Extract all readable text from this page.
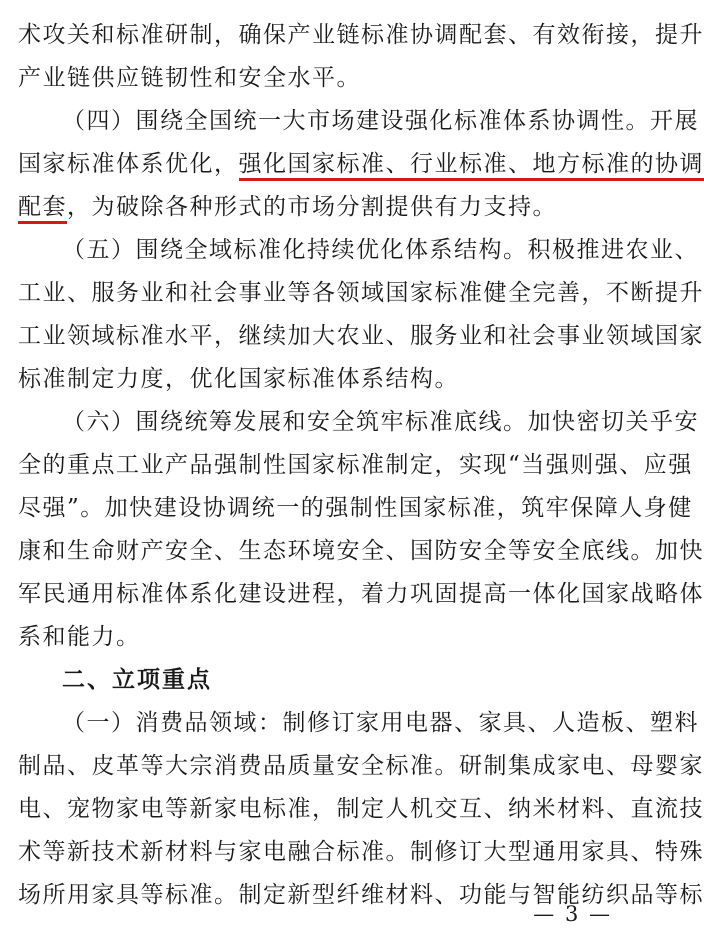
术攻关和标准研制，确保产业链标准协调配套、有效衔接，提升
产业链供应链韧性和安全水平。
（四）围绕全国统一大市场建设强化标准体系协调性。开展
国家标准体系优化，强化国家标准、行业标准、地方标准的协调
配套，为破除各种形式的市场分割提供有力支持。
（五）围绕全域标准化持续优化体系结构。积极推进农业、
工业、服务业和社会事业等各领域国家标准健全完善，不断提升
工业领域标准水平，继续加大农业、服务业和社会事业领域国家
标准制定力度，优化国家标准体系结构。
（六）围绕统筹发展和安全筑牢标准底线。加快密切关乎安
全的重点工业产品强制性国家标准制定，实现“当强则强、应强
尽强”。加快建设协调统一的强制性国家标准，筑牢保障人身健
康和生命财产安全、生态环境安全、国防安全等安全底线。加快
军民通用标准体系化建设进程，着力巩固提高一体化国家战略体
系和能力。
二、立项重点
（一）消费品领域：制修订家用电器、家具、人造板、塑料
制品、皮革等大宗消费品质量安全标准。研制集成家电、母婴家
电、宠物家电等新家电标准，制定人机交互、纳米材料、直流技
术等新技术新材料与家电融合标准。制修订大型通用家具、特殊
场所用家具等标准。制定新型纤维材料、功能与智能纺织品等标
— 3 —
